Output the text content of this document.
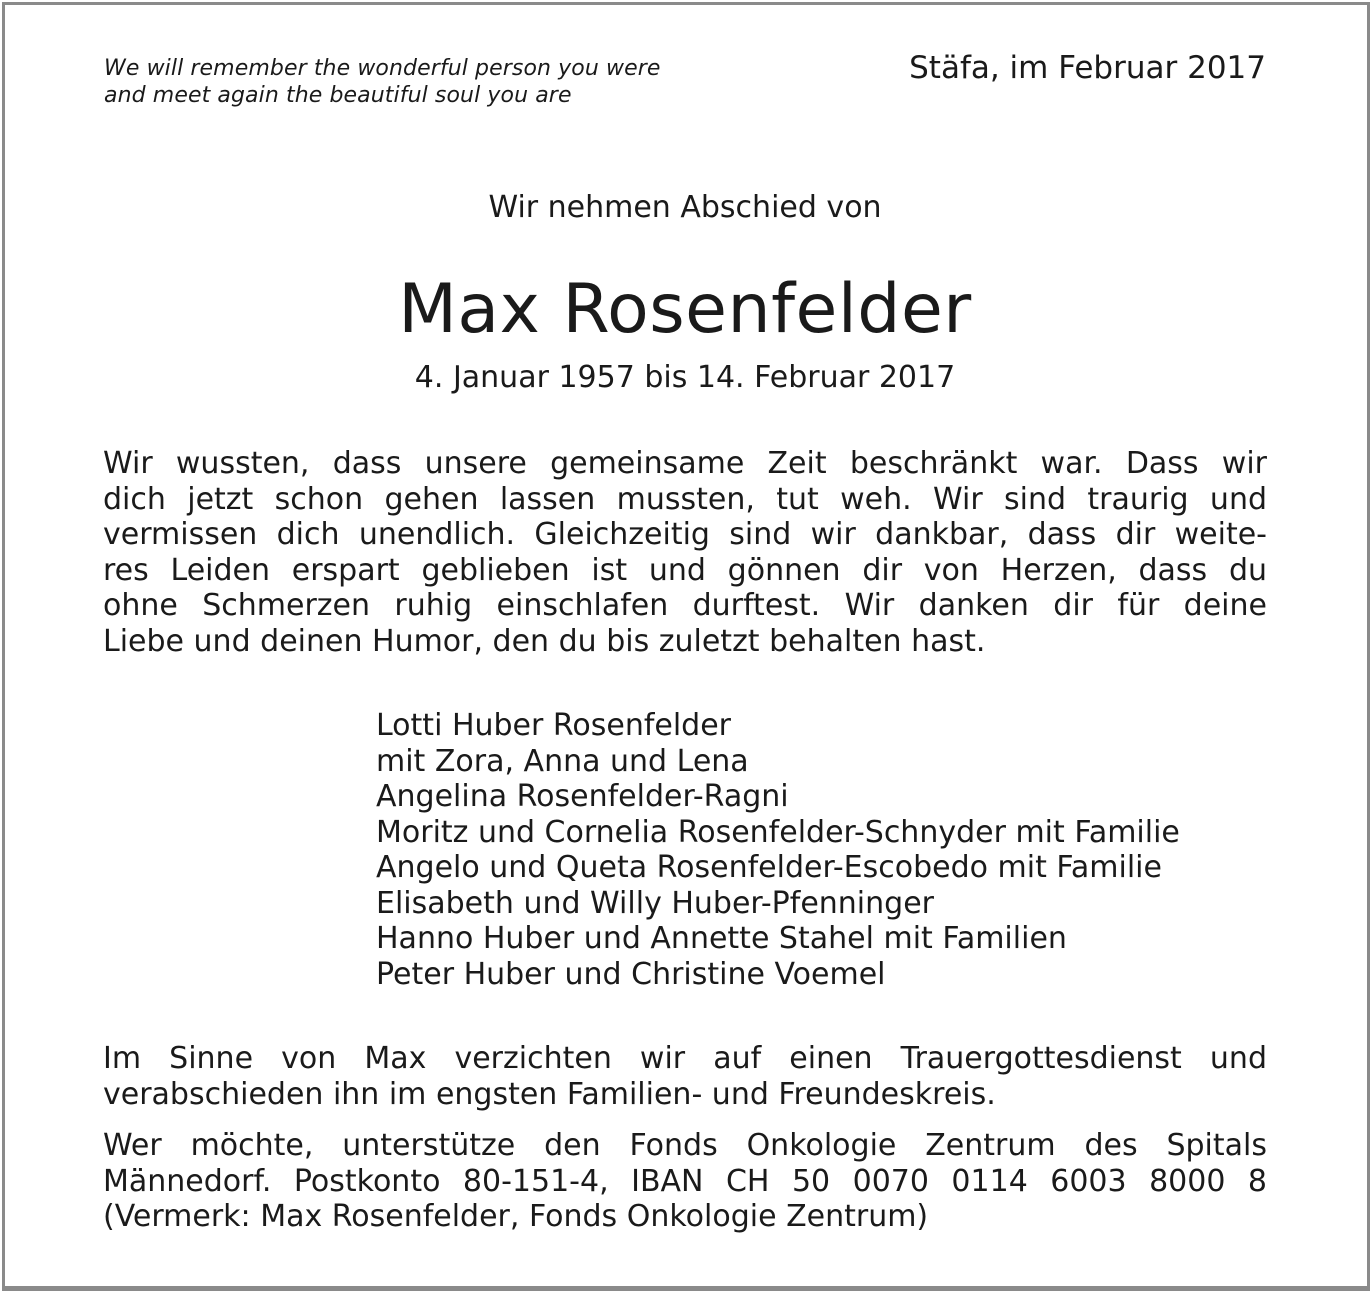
We will remember the wonderful person you were
and meet again the beautiful soul you are
Stäfa, im Februar 2017
Wir nehmen Abschied von
Max Rosenfelder
4. Januar 1957 bis 14. Februar 2017
Wir wussten, dass unsere gemeinsame Zeit beschränkt war. Dass wir
dich jetzt schon gehen lassen mussten, tut weh. Wir sind traurig und
vermissen dich unendlich. Gleichzeitig sind wir dankbar, dass dir weite-
res Leiden erspart geblieben ist und gönnen dir von Herzen, dass du
ohne Schmerzen ruhig einschlafen durftest. Wir danken dir für deine
Liebe und deinen Humor, den du bis zuletzt behalten hast.
Lotti Huber Rosenfelder
mit Zora, Anna und Lena
Angelina Rosenfelder-Ragni
Moritz und Cornelia Rosenfelder-Schnyder mit Familie
Angelo und Queta Rosenfelder-Escobedo mit Familie
Elisabeth und Willy Huber-Pfenninger
Hanno Huber und Annette Stahel mit Familien
Peter Huber und Christine Voemel
Im Sinne von Max verzichten wir auf einen Trauergottesdienst und
verabschieden ihn im engsten Familien- und Freundeskreis.
Wer möchte, unterstütze den Fonds Onkologie Zentrum des Spitals
Männedorf. Postkonto 80-151-4, IBAN CH 50 0070 0114 6003 8000 8
(Vermerk: Max Rosenfelder, Fonds Onkologie Zentrum)
